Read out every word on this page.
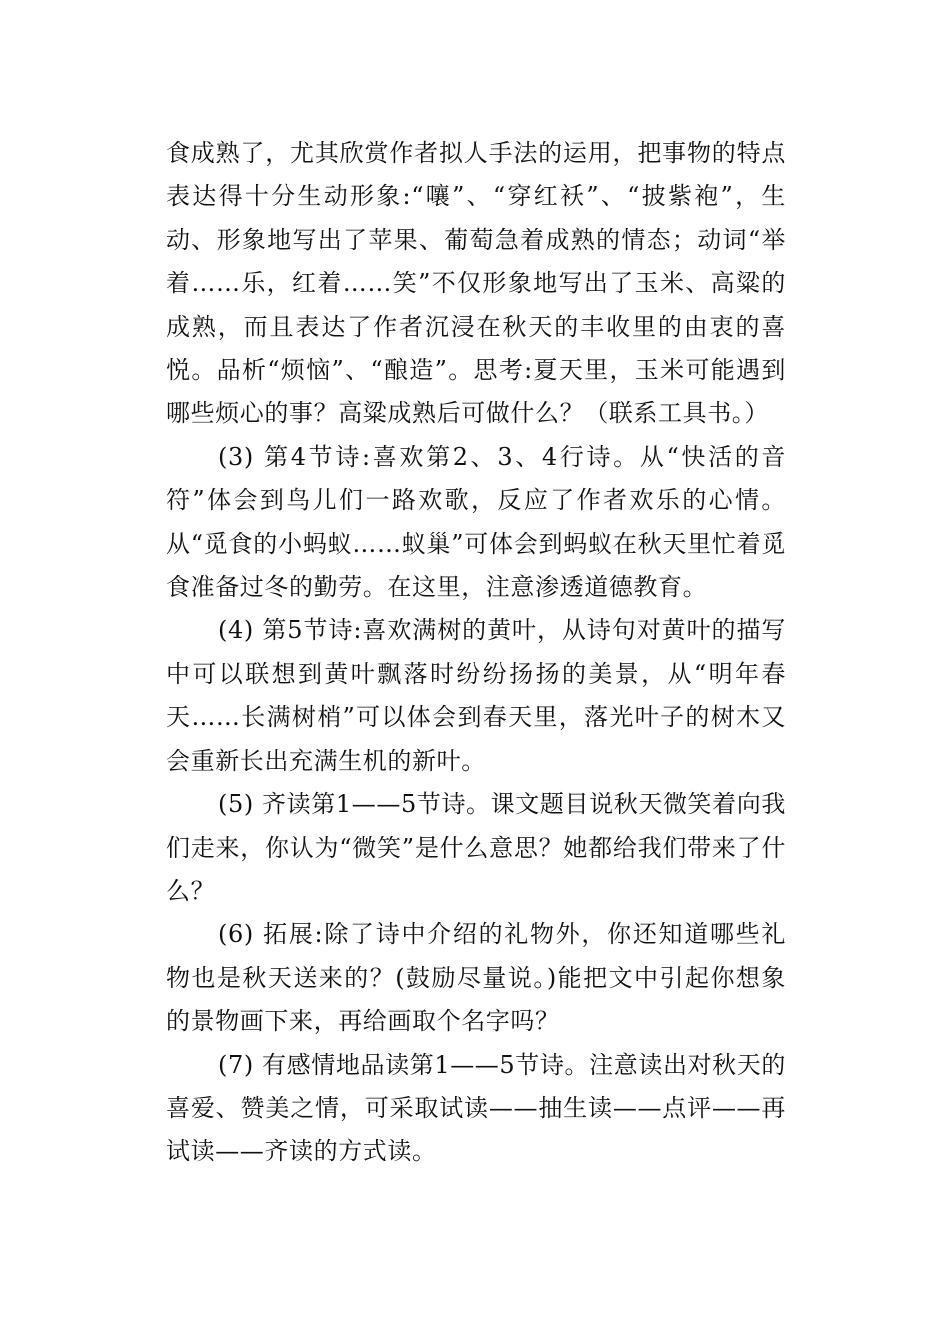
食成熟了，尤其欣赏作者拟人手法的运用，把事物的特点表达得十分生动形象:“嚷”、“穿红袄”、“披紫袍”，生动、形象地写出了苹果、葡萄急着成熟的情态；动词“举着……乐，红着……笑”不仅形象地写出了玉米、高粱的成熟，而且表达了作者沉浸在秋天的丰收里的由衷的喜悦。品析“烦恼”、“酿造”。思考:夏天里，玉米可能遇到哪些烦心的事？高粱成熟后可做什么？（联系工具书。）

(3) 第4节诗:喜欢第2、3、4行诗。从“快活的音符”体会到鸟儿们一路欢歌，反应了作者欢乐的心情。从“觅食的小蚂蚁……蚁巢”可体会到蚂蚁在秋天里忙着觅食准备过冬的勤劳。在这里，注意渗透道德教育。

(4) 第5节诗:喜欢满树的黄叶，从诗句对黄叶的描写中可以联想到黄叶飘落时纷纷扬扬的美景，从“明年春天……长满树梢”可以体会到春天里，落光叶子的树木又会重新长出充满生机的新叶。

(5) 齐读第1——5节诗。课文题目说秋天微笑着向我们走来，你认为“微笑”是什么意思？她都给我们带来了什么？

(6) 拓展:除了诗中介绍的礼物外，你还知道哪些礼物也是秋天送来的？(鼓励尽量说。)能把文中引起你想象的景物画下来，再给画取个名字吗？

(7) 有感情地品读第1——5节诗。注意读出对秋天的喜爱、赞美之情，可采取试读——抽生读——点评——再试读——齐读的方式读。
